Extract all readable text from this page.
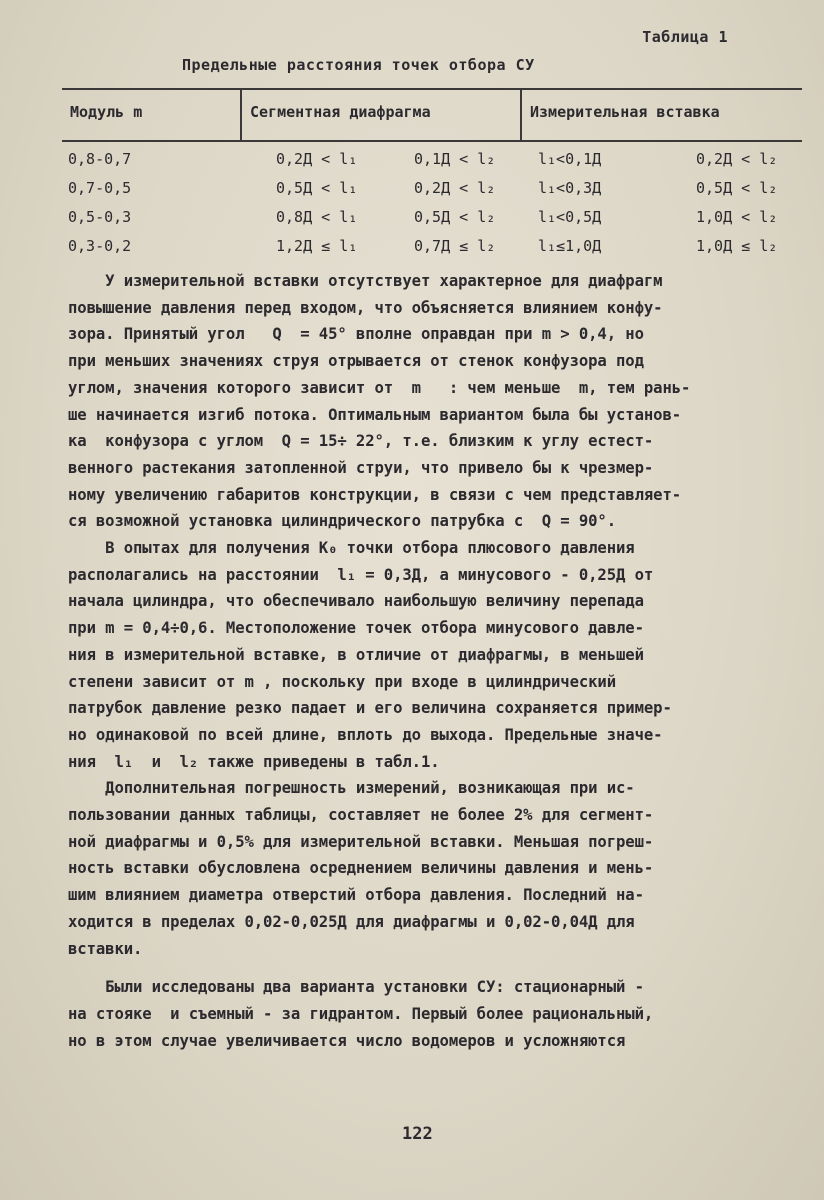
Таблица 1
Предельные расстояния точек отбора СУ
Модуль m	Сегментная диафрагма	Измерительная вставка
0,8-0,7	0,2Д < l₁	0,1Д < l₂	l₁<0,1Д	0,2Д < l₂
0,7-0,5	0,5Д < l₁	0,2Д < l₂	l₁<0,3Д	0,5Д < l₂
0,5-0,3	0,8Д < l₁	0,5Д < l₂	l₁<0,5Д	1,0Д < l₂
0,3-0,2	1,2Д ≤ l₁	0,7Д ≤ l₂	l₁≤1,0Д	1,0Д ≤ l₂

У измерительной вставки отсутствует характерное для диафрагм
повышение давления перед входом, что объясняется влиянием конфу-
зора. Принятый угол   Q  = 45° вполне оправдан при m > 0,4, но
при меньших значениях струя отрывается от стенок конфузора под
углом, значения которого зависит от  m   : чем меньше  m, тем рань-
ше начинается изгиб потока. Оптимальным вариантом была бы установ-
ка  конфузора с углом  Q = 15÷ 22°, т.е. близким к углу естест-
венного растекания затопленной струи, что привело бы к чрезмер-
ному увеличению габаритов конструкции, в связи с чем представляет-
ся возможной установка цилиндрического патрубка с  Q = 90°.

В опытах для получения K₀ точки отбора плюсового давления
располагались на расстоянии  l₁ = 0,3Д, а минусового - 0,25Д от
начала цилиндра, что обеспечивало наибольшую величину перепада
при m = 0,4÷0,6. Местоположение точек отбора минусового давле-
ния в измерительной вставке, в отличие от диафрагмы, в меньшей
степени зависит от m , поскольку при входе в цилиндрический
патрубок давление резко падает и его величина сохраняется пример-
но одинаковой по всей длине, вплоть до выхода. Предельные значе-
ния  l₁  и  l₂ также приведены в табл.1.

Дополнительная погрешность измерений, возникающая при ис-
пользовании данных таблицы, составляет не более 2% для сегмент-
ной диафрагмы и 0,5% для измерительной вставки. Меньшая погреш-
ность вставки обусловлена осреднением величины давления и мень-
шим влиянием диаметра отверстий отбора давления. Последний на-
ходится в пределах 0,02-0,025Д для диафрагмы и 0,02-0,04Д для
вставки.

Были исследованы два варианта установки СУ: стационарный -
на стояке  и съемный - за гидрантом. Первый более рациональный,
но в этом случае увеличивается число водомеров и усложняются

122
